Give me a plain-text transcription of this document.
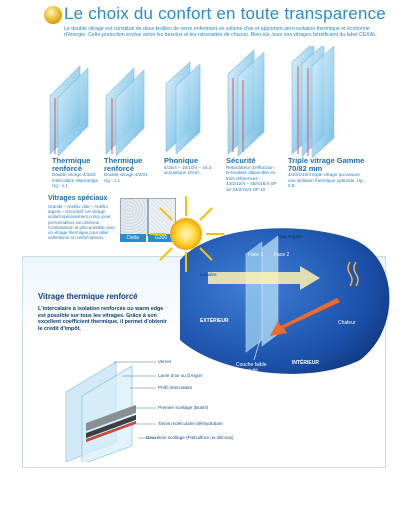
Le choix du confort en toute transparence
Le double vitrage est constitué de deux feuilles de verre enfermant un volume d'air et apportant ainsi isolation thermique et économie d'énergie. Cette protection évolue selon les besoins et les nécessités de chacun. Bien sûr, tous nos vitrages bénéficient du label CEKAL.
Thermique renforcé
Double vitrage 4/16/4 intercalaire Warmedge Ug : 1,1
Thermique renforcé
Double vitrage 4/20/4 Ug : 1,1
Phonique
6/16/4 – 10/10/4 – 44.2 acoustique 10/10
Sécurité
Retardateur d'effraction bi-feuilleté disponible en trois références : 44/2/12/4 – 48/x/16/4 SP 10 44/2/16/4 SP 10
Triple vitrage Gamme 70/82 mm
4/10/4/10/4 triple vitrage qui assure une isolation thermique optimale. Ug : 0,8
Vitrages spéciaux
Granité – Antélio clair – Antélio argent – Décoratif. Un vitrage isolant spécialement conçu pour personnaliser son intérieur. Combinaison la plus possible avec un vitrage thermique pour allier esthétisme et confort absolu.	Delta	G200	Gaz Argon
Lumière
Face 1 Face 2
EXTÉRIEUR
INTÉRIEUR
Chaleur
Couche faible émissivité
Vitrage thermique renforcé
L'intercalaire à isolation renforcée ou warm edge est possible sur tous les vitrages. Grâce à son excellent coefficient thermique, il permet d'obtenir le crédit d'impôt.
Verres
Lame d'air ou d'Argon
Profil intercalaire
Premier scellage (Butiril)
Tamis moléculaire déshydratant
Deuxième scellage (Polisulfure ou silicone)
